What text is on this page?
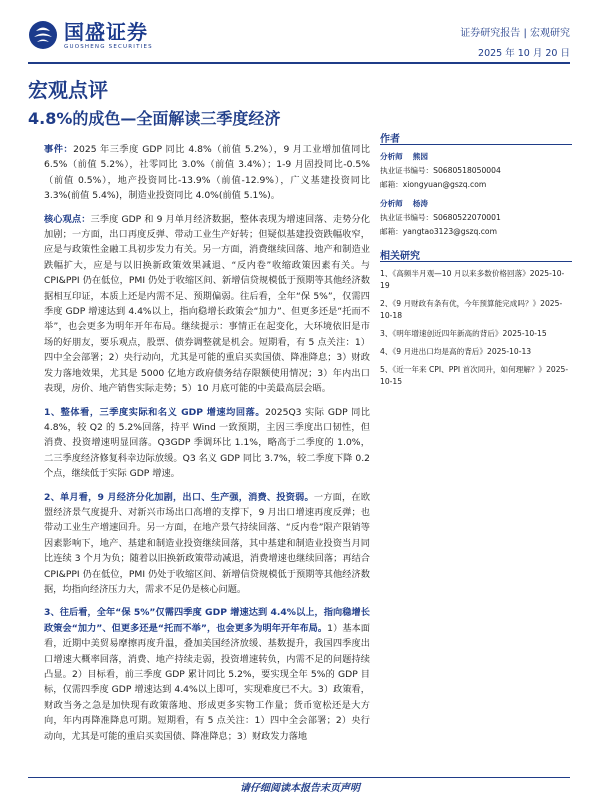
国盛证券
GUOSHENG SECURITIES
证券研究报告 | 宏观研究
2025 年 10 月 20 日
宏观点评
4.8%的成色—全面解读三季度经济

事件：2025 年三季度 GDP 同比 4.8%（前值 5.2%），9 月工业增加值同比 6.5%（前值 5.2%），社零同比 3.0%（前值 3.4%）；1-9 月固投同比-0.5%（前值 0.5%），地产投资同比-13.9%（前值-12.9%），广义基建投资同比 3.3%(前值 5.4%)，制造业投资同比 4.0%(前值 5.1%)。

核心观点：三季度 GDP 和 9 月单月经济数据，整体表现为增速回落、走势分化加剧；一方面，出口再度反弹、带动工业生产好转；但疑似基建投资跌幅收窄，应是与政策性金融工具初步发力有关。另一方面，消费继续回落、地产和制造业跌幅扩大，应是与以旧换新政策效果减退、“反内卷”收缩政策因素有关。与 CPI&PPI 仍在低位，PMI 仍处于收缩区间、新增信贷规模低于预期等其他经济数据相互印证，本质上还是内需不足、预期偏弱。往后看，全年“保 5%”，仅需四季度 GDP 增速达到 4.4%以上，指向稳增长政策会“加力”、但更多还是“托而不举”，也会更多为明年开年布局。继续提示：事情正在起变化，大环境依旧是市场的好朋友，要乐观点，股票、债券调整就是机会。短期看，有 5 点关注：1）四中全会部署；2）央行动向，尤其是可能的重启买卖国债、降准降息；3）财政发力落地效果，尤其是 5000 亿地方政府债务结存限额使用情况；3）年内出口表现，房价、地产销售实际走势；5）10 月底可能的中美最高层会晤。

1、整体看，三季度实际和名义 GDP 增速均回落。2025Q3 实际 GDP 同比 4.8%，较 Q2 的 5.2%回落，持平 Wind 一致预期，主因三季度出口韧性，但消费、投资增速明显回落。Q3GDP 季调环比 1.1%，略高于二季度的 1.0%，二三季度经济修复科幸边际放缓。Q3 名义 GDP 同比 3.7%，较二季度下降 0.2 个点，继续低于实际 GDP 增速。

2、单月看，9 月经济分化加剧，出口、生产强，消费、投资弱。一方面，在欧盟经济景气度提升、对新兴市场出口高增的支撑下，9 月出口增速再度反弹；也带动工业生产增速回升。另一方面，在地产景气持续回落、“反内卷”限产限销等因素影响下，地产、基建和制造业投资继续回落，其中基建和制造业投资当月同比连续 3 个月为负；随着以旧换新政策带动减退，消费增速也继续回落；再结合 CPI&PPI 仍在低位，PMI 仍处于收缩区间、新增信贷规模低于预期等其他经济数据，均指向经济压力大，需求不足仍是核心问题。

3、往后看，全年“保 5%”仅需四季度 GDP 增速达到 4.4%以上，指向稳增长政策会“加力”、但更多还是“托而不举”，也会更多为明年开年布局。1）基本面看，近期中美贸易摩擦再度升温，叠加美国经济放缓、基数提升，我国四季度出口增速大概率回落，消费、地产持续走弱，投资增速转负，内需不足的问题持续凸显。2）目标看，前三季度 GDP 累计同比 5.2%，要实现全年 5%的 GDP 目标，仅需四季度 GDP 增速达到 4.4%以上即可，实现难度已不大。3）政策看，财政当务之急是加快现有政策落地、形成更多实物工作量；货币宽松还是大方向，年内再降准降息可期。短期看，有 5 点关注：1）四中全会部署；2）央行动向，尤其是可能的重启买卖国债、降准降息；3）财政发力落地

作者
分析师 熊园
执业证书编号：S0680518050004
邮箱：xiongyuan@gszq.com
分析师 杨涛
执业证书编号：S0680522070001
邮箱：yangtao3123@gszq.com
相关研究
1、《高频半月观—10 月以来多数价格回落》2025-10-19
2、《9 月财政有条有优，今年预算能完成吗？》2025-10-18
3、《明年增速创近四年新高的背后》2025-10-15
4、《9 月进出口均是高的背后》2025-10-13
5、《近一年来 CPI、PPI 首次同升，如何理解？》2025-10-15
请仔细阅读本报告末页声明
